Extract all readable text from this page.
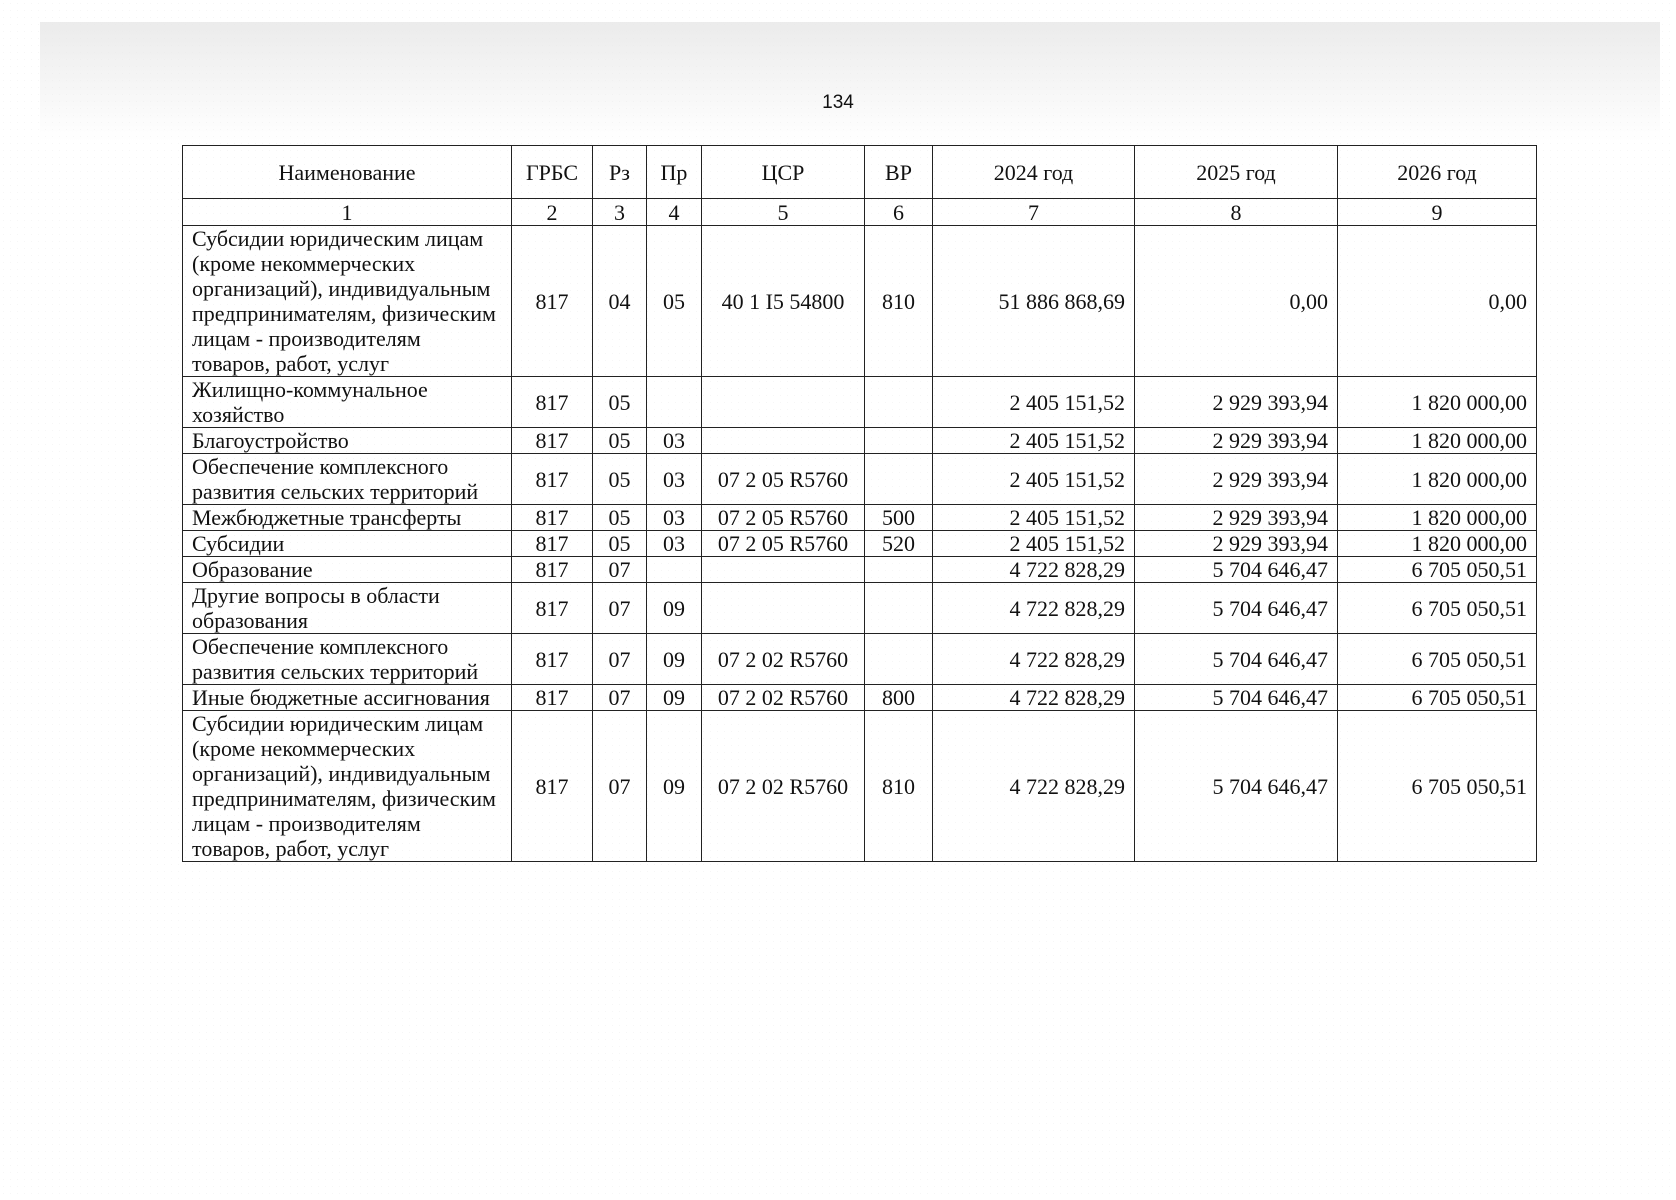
134
Наименование	ГРБС	Рз	Пр	ЦСР	ВР	2024 год	2025 год	2026 год
1	2	3	4	5	6	7	8	9
Субсидии юридическим лицам (кроме некоммерческих организаций), индивидуальным предпринимателям, физическим лицам - производителям товаров, работ, услуг	817	04	05	40 1 I5 54800	810	51 886 868,69	0,00	0,00
Жилищно-коммунальное хозяйство	817	05				2 405 151,52	2 929 393,94	1 820 000,00
Благоустройство	817	05	03			2 405 151,52	2 929 393,94	1 820 000,00
Обеспечение комплексного развития сельских территорий	817	05	03	07 2 05 R5760		2 405 151,52	2 929 393,94	1 820 000,00
Межбюджетные трансферты	817	05	03	07 2 05 R5760	500	2 405 151,52	2 929 393,94	1 820 000,00
Субсидии	817	05	03	07 2 05 R5760	520	2 405 151,52	2 929 393,94	1 820 000,00
Образование	817	07				4 722 828,29	5 704 646,47	6 705 050,51
Другие вопросы в области образования	817	07	09			4 722 828,29	5 704 646,47	6 705 050,51
Обеспечение комплексного развития сельских территорий	817	07	09	07 2 02 R5760		4 722 828,29	5 704 646,47	6 705 050,51
Иные бюджетные ассигнования	817	07	09	07 2 02 R5760	800	4 722 828,29	5 704 646,47	6 705 050,51
Субсидии юридическим лицам (кроме некоммерческих организаций), индивидуальным предпринимателям, физическим лицам - производителям товаров, работ, услуг	817	07	09	07 2 02 R5760	810	4 722 828,29	5 704 646,47	6 705 050,51
